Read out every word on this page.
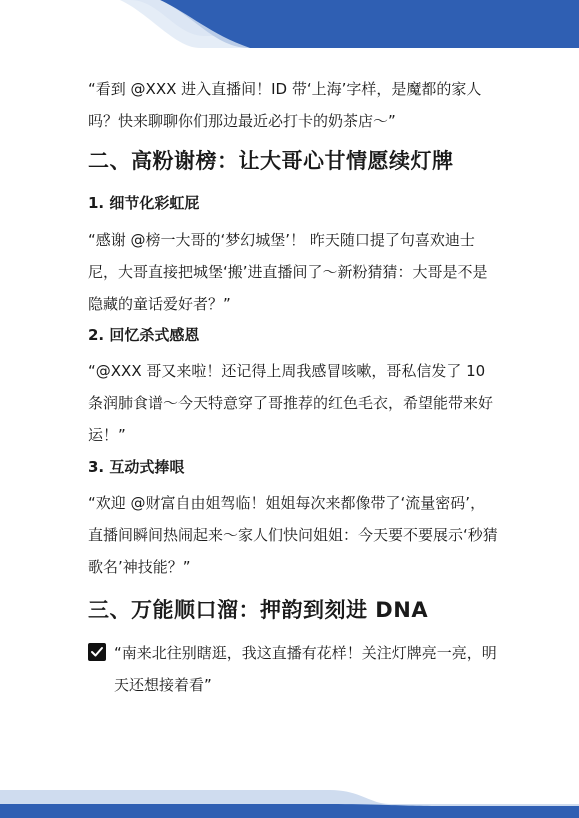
“看到 @XXX 进入直播间！ID 带‘上海’字样，是魔都的家人吗？快来聊聊你们那边最近必打卡的奶茶店～”

二、高粉谢榜：让大哥心甘情愿续灯牌
1. 细节化彩虹屁

“感谢 @榜一大哥的‘梦幻城堡’！ 昨天随口提了句喜欢迪士尼，大哥直接把城堡‘搬’进直播间了～新粉猜猜：大哥是不是隐藏的童话爱好者？”

2. 回忆杀式感恩

“@XXX 哥又来啦！还记得上周我感冒咳嗽，哥私信发了 10 条润肺食谱～今天特意穿了哥推荐的红色毛衣，希望能带来好运！”

3. 互动式捧哏

“欢迎 @财富自由姐驾临！姐姐每次来都像带了‘流量密码’，直播间瞬间热闹起来～家人们快问姐姐：今天要不要展示‘秒猜歌名’神技能？”

三、万能顺口溜：押韵到刻进 DNA

“南来北往别瞎逛，我这直播有花样！关注灯牌亮一亮，明天还想接着看”
